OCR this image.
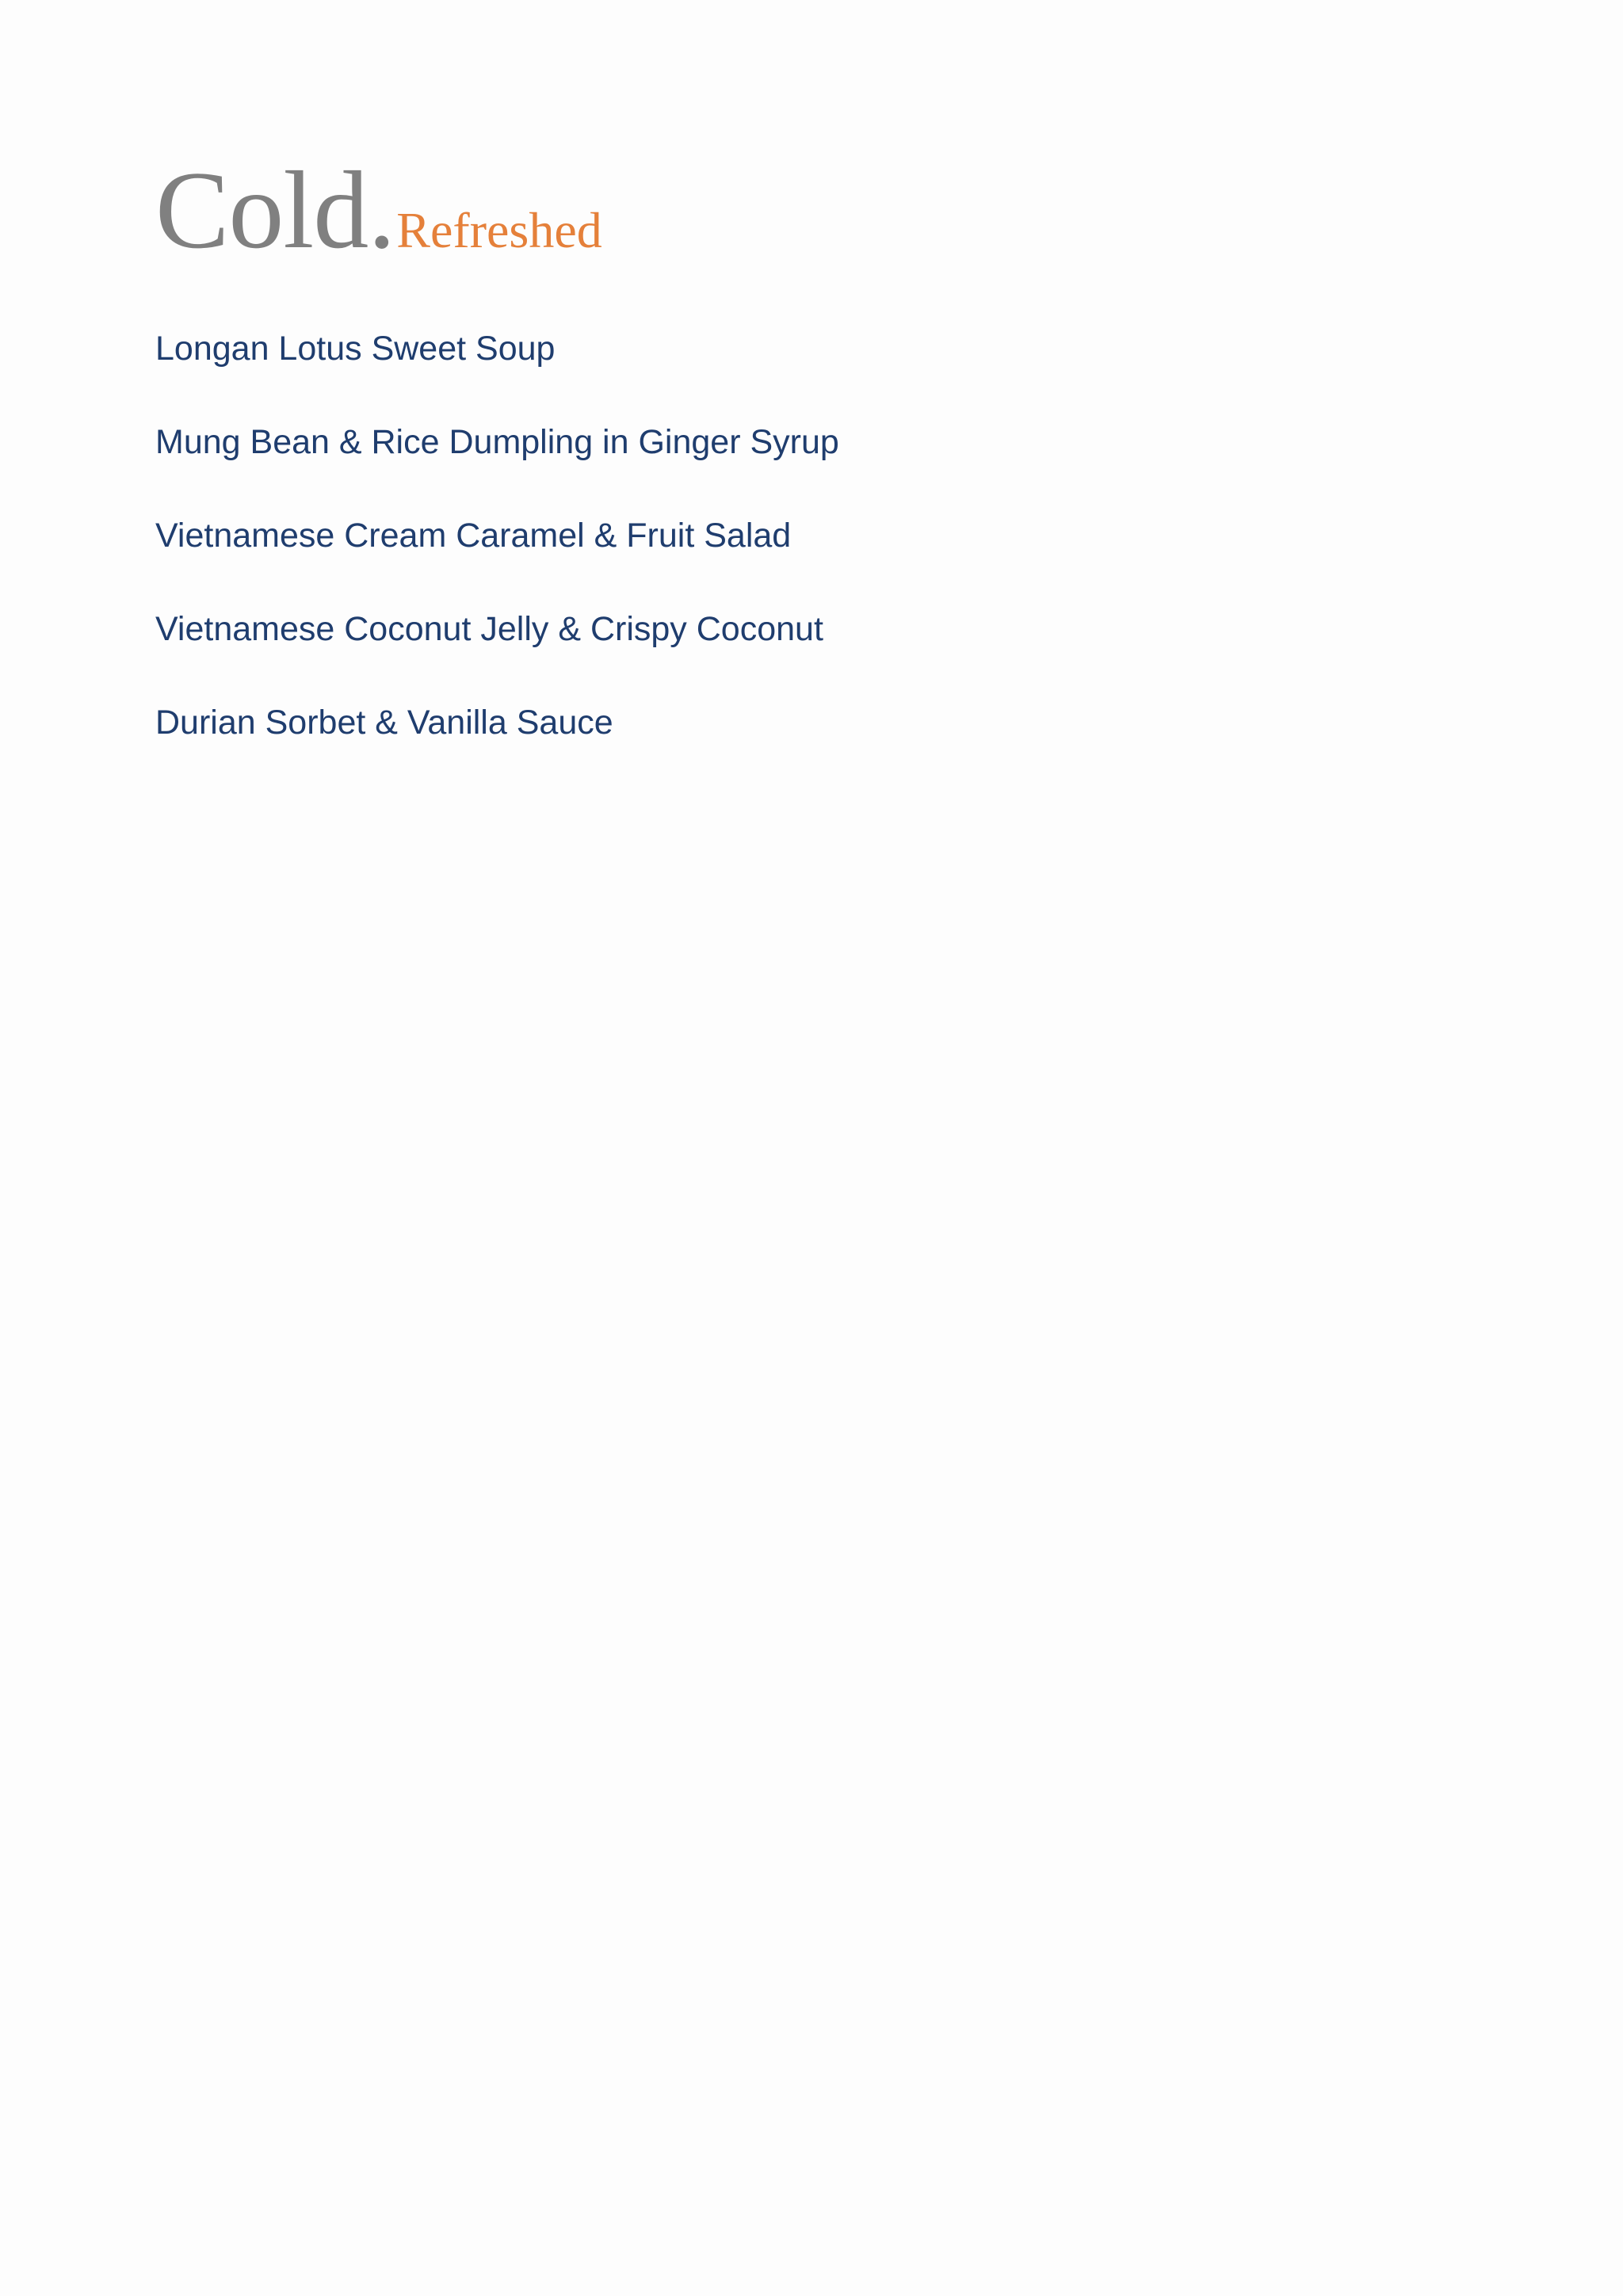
Cold.Refreshed
Longan Lotus Sweet Soup
Mung Bean & Rice Dumpling in Ginger Syrup
Vietnamese Cream Caramel & Fruit Salad
Vietnamese Coconut Jelly & Crispy Coconut
Durian Sorbet & Vanilla Sauce
